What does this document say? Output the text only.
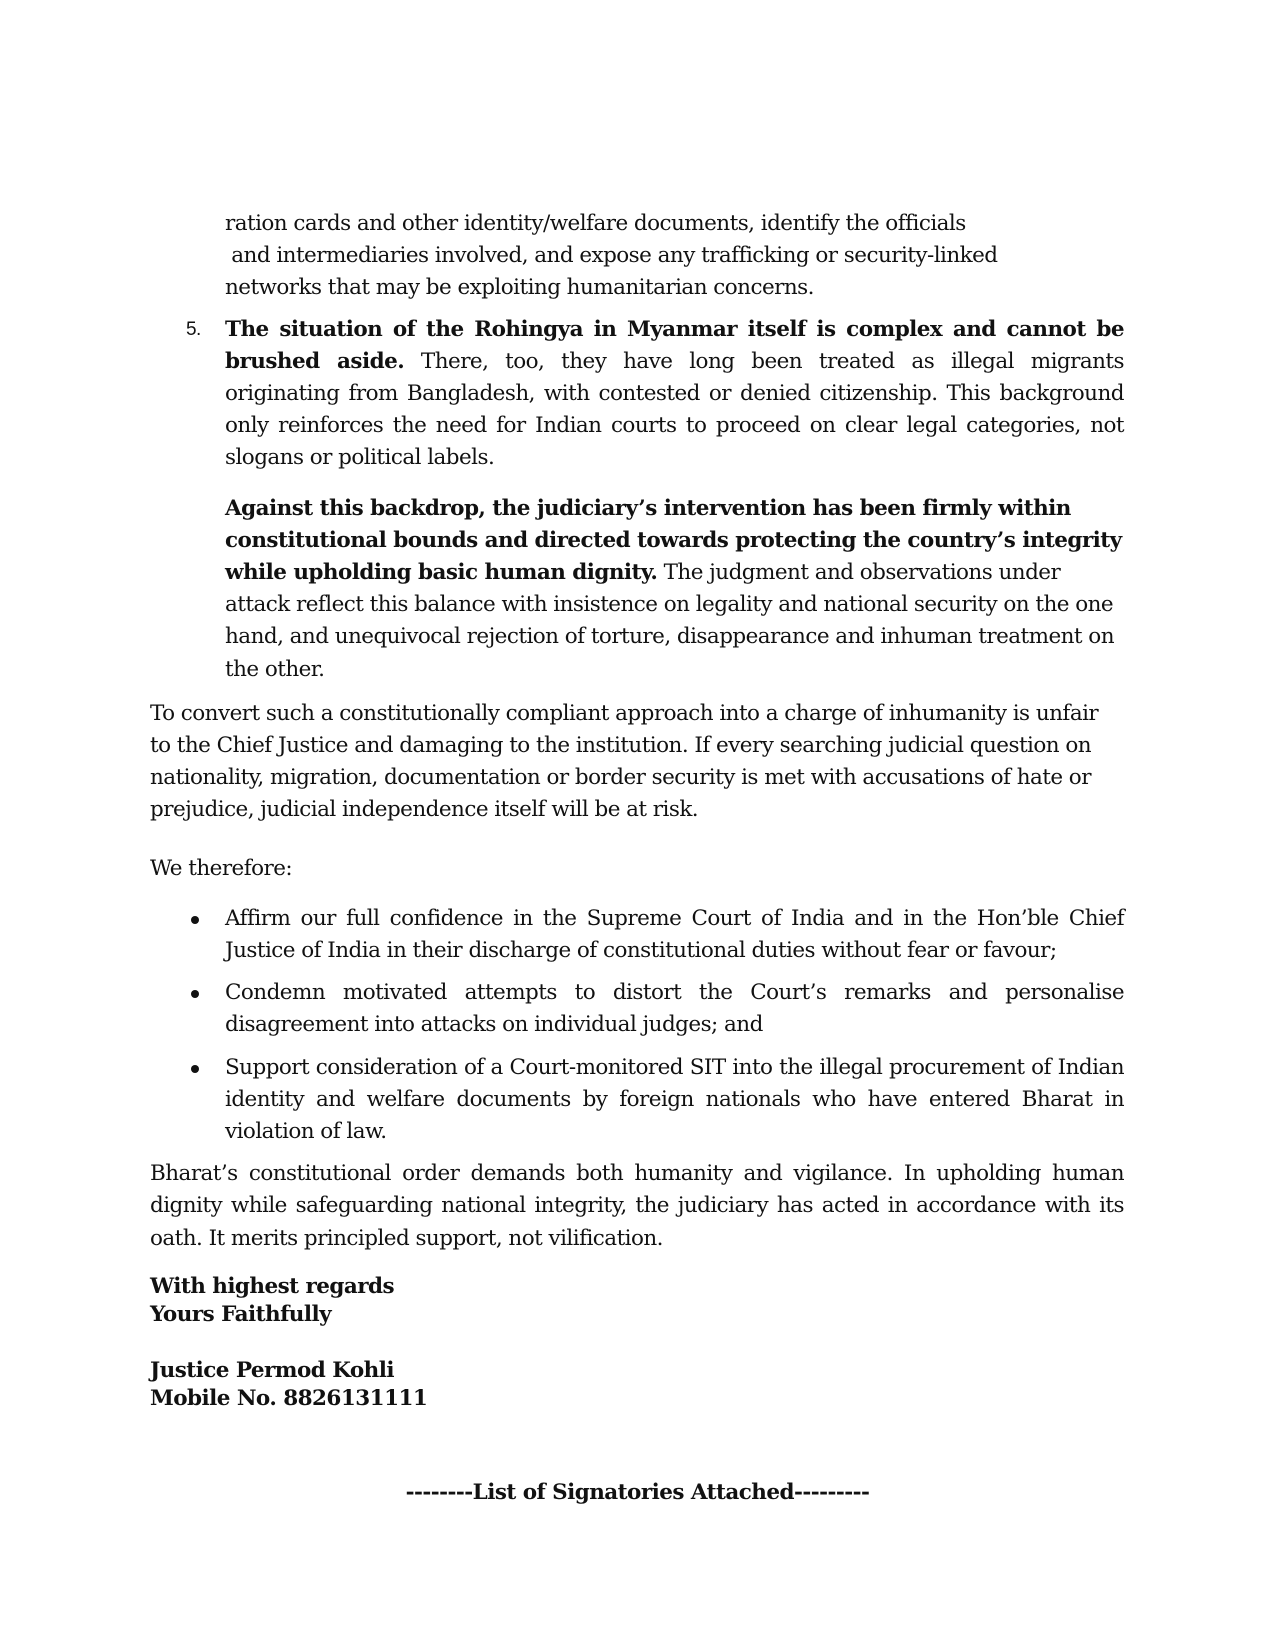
ration cards and other identity/welfare documents, identify the officials
and intermediaries involved, and expose any trafficking or security-linked
networks that may be exploiting humanitarian concerns.
5. The situation of the Rohingya in Myanmar itself is complex and cannot be brushed aside. There, too, they have long been treated as illegal migrants originating from Bangladesh, with contested or denied citizenship. This background only reinforces the need for Indian courts to proceed on clear legal categories, not slogans or political labels.
Against this backdrop, the judiciary’s intervention has been firmly within constitutional bounds and directed towards protecting the country’s integrity while upholding basic human dignity. The judgment and observations under attack reflect this balance with insistence on legality and national security on the one hand, and unequivocal rejection of torture, disappearance and inhuman treatment on the other.

To convert such a constitutionally compliant approach into a charge of inhumanity is unfair to the Chief Justice and damaging to the institution. If every searching judicial question on nationality, migration, documentation or border security is met with accusations of hate or prejudice, judicial independence itself will be at risk.

We therefore:

Affirm our full confidence in the Supreme Court of India and in the Hon’ble Chief Justice of India in their discharge of constitutional duties without fear or favour;
Condemn motivated attempts to distort the Court’s remarks and personalise disagreement into attacks on individual judges; and
Support consideration of a Court-monitored SIT into the illegal procurement of Indian identity and welfare documents by foreign nationals who have entered Bharat in violation of law.

Bharat’s constitutional order demands both humanity and vigilance. In upholding human dignity while safeguarding national integrity, the judiciary has acted in accordance with its oath. It merits principled support, not vilification.

With highest regards
Yours Faithfully
Justice Permod Kohli
Mobile No. 8826131111
--------List of Signatories Attached---------
